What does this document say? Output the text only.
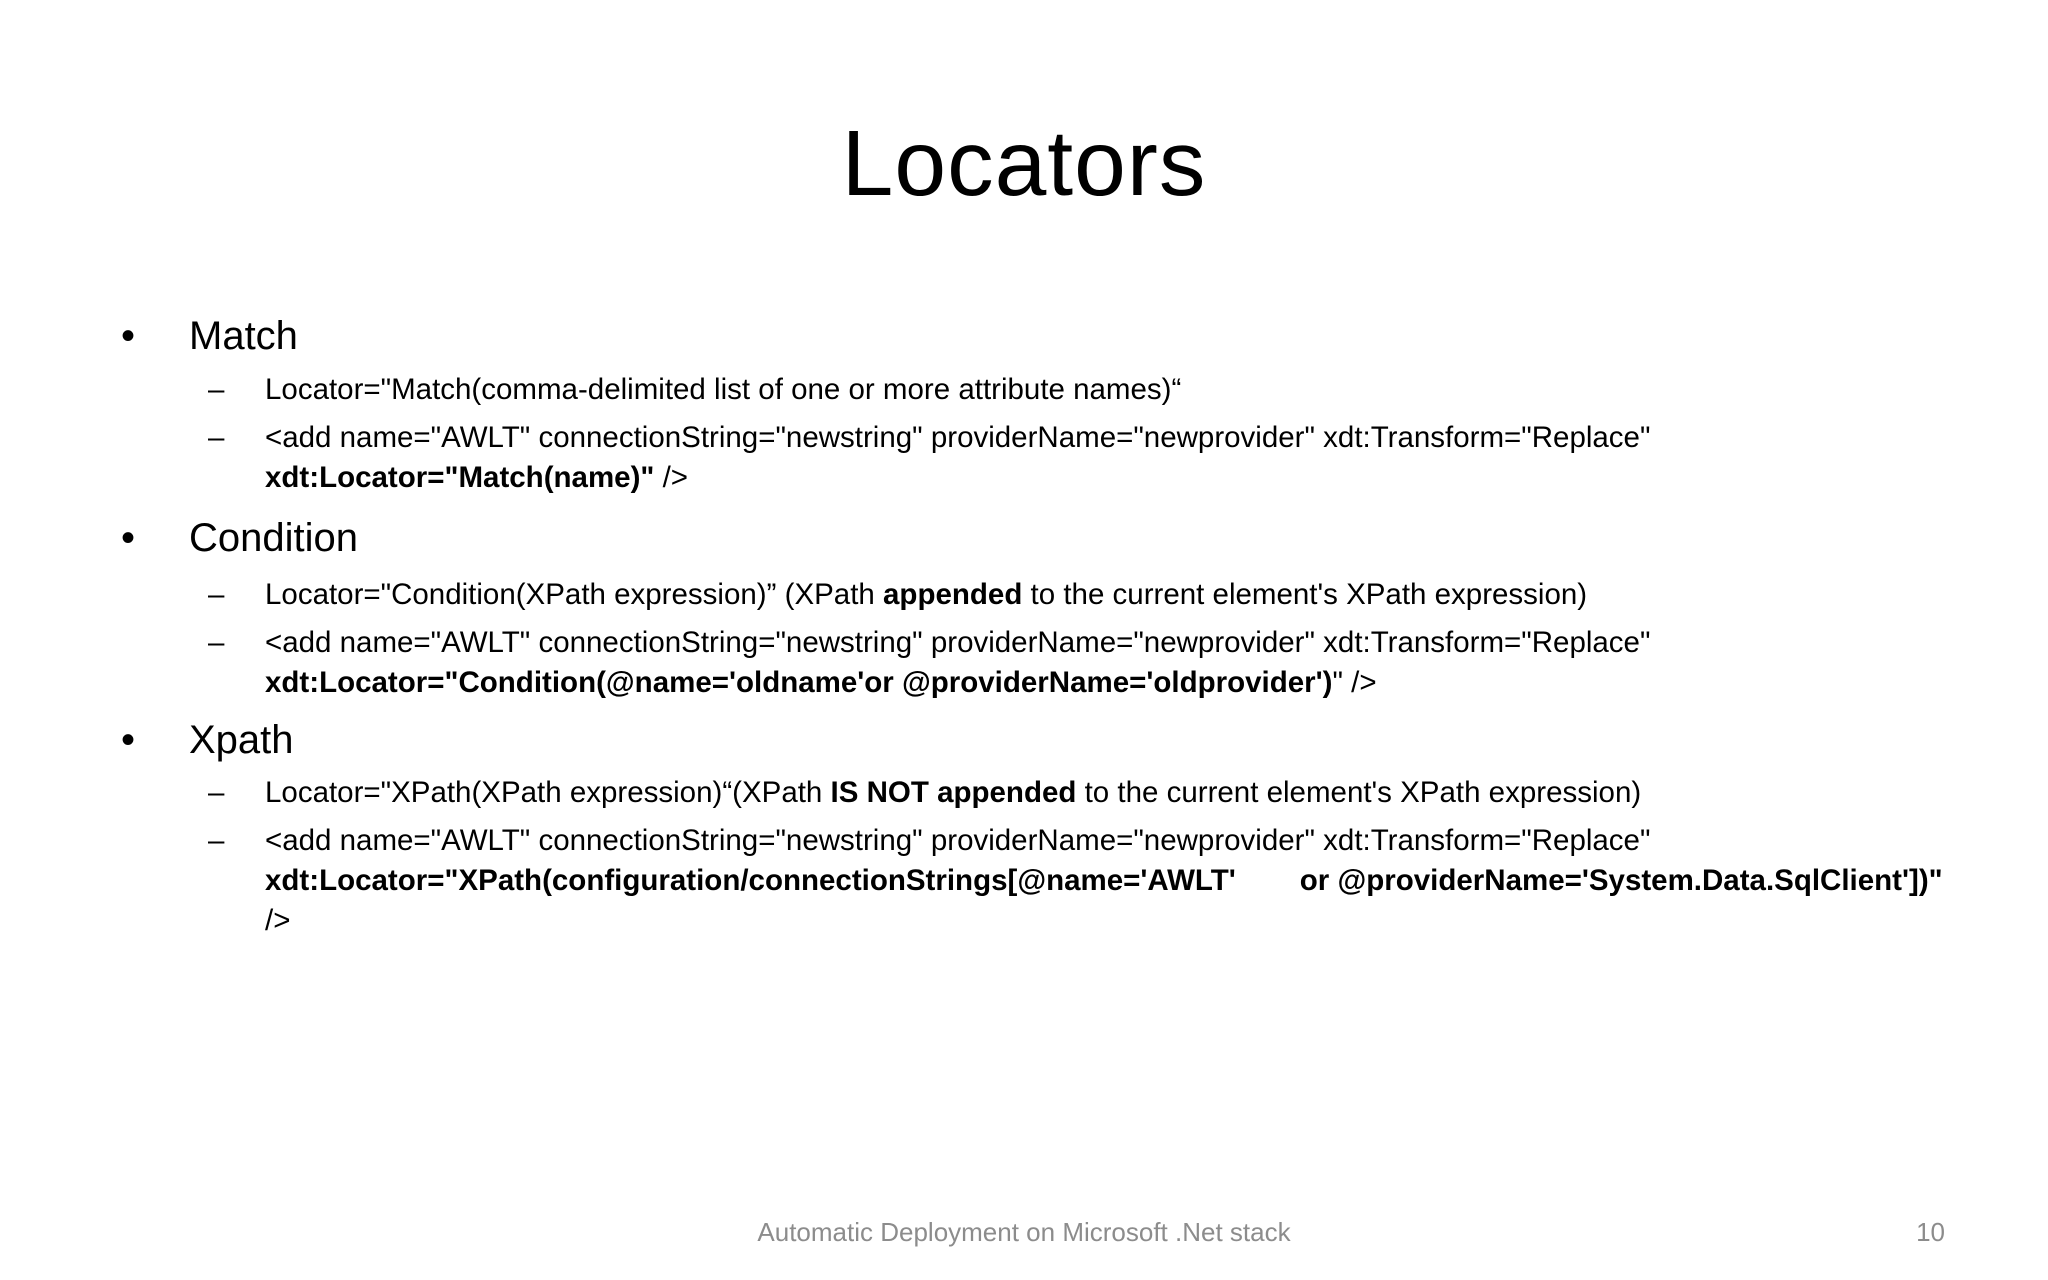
Locators
• Match
–	Locator="Match(comma-delimited list of one or more attribute names)“
–	<add name="AWLT" connectionString="newstring" providerName="newprovider" xdt:Transform="Replace"
xdt:Locator="Match(name)" />
• Condition
–	Locator="Condition(XPath expression)” (XPath appended to the current element's XPath expression)
–	<add name="AWLT" connectionString="newstring" providerName="newprovider" xdt:Transform="Replace"
xdt:Locator="Condition(@name='oldname'or @providerName='oldprovider')" />
• Xpath
–	Locator="XPath(XPath expression)“(XPath IS NOT appended to the current element's XPath expression)
–	<add name="AWLT" connectionString="newstring" providerName="newprovider" xdt:Transform="Replace"
xdt:Locator="XPath(configuration/connectionStrings[@name='AWLT' or @providerName='System.Data.SqlClient'])"
/>
Automatic Deployment on Microsoft .Net stack	10
